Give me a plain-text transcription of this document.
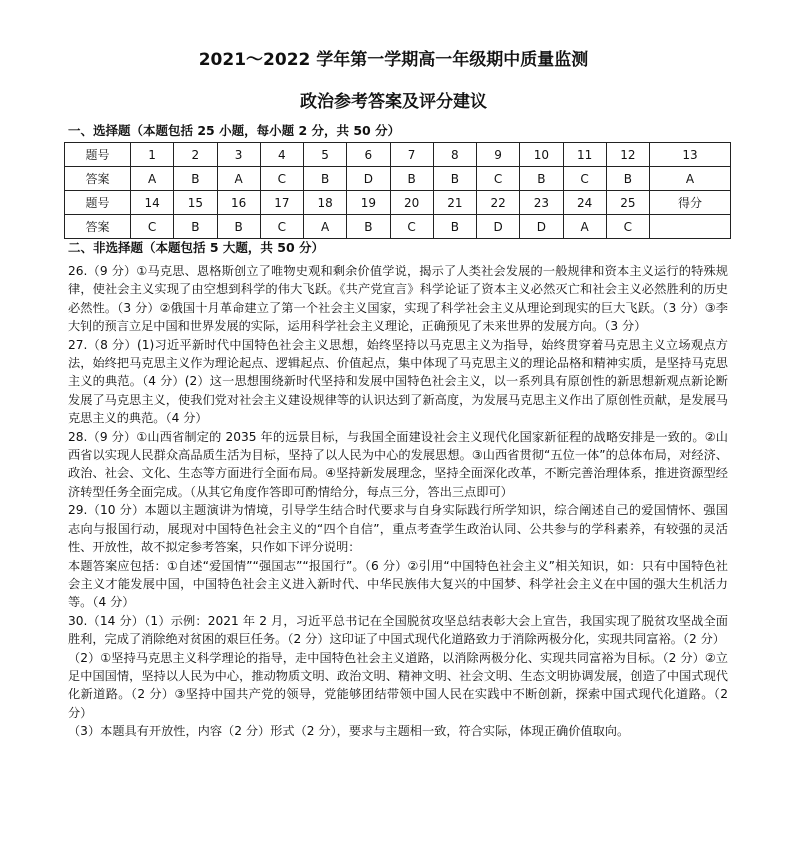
2021～2022 学年第一学期高一年级期中质量监测
政治参考答案及评分建议
一、选择题（本题包括 25 小题，每小题 2 分，共 50 分）
题号	1	2	3	4	5	6	7	8	9	10	11	12	13
答案	A	B	A	C	B	D	B	B	C	B	C	B	A
题号	14	15	16	17	18	19	20	21	22	23	24	25	得分
答案	C	B	B	C	A	B	C	B	D	D	A	C	
二、非选择题（本题包括 5 大题，共 50 分）

26.（9 分）①马克思、恩格斯创立了唯物史观和剩余价值学说，揭示了人类社会发展的一般规律和资本主义运行的特殊规律，使社会主义实现了由空想到科学的伟大飞跃。《共产党宣言》科学论证了资本主义必然灭亡和社会主义必然胜利的历史必然性。（3 分）②俄国十月革命建立了第一个社会主义国家，实现了科学社会主义从理论到现实的巨大飞跃。（3 分）③李大钊的预言立足中国和世界发展的实际，运用科学社会主义理论，正确预见了未来世界的发展方向。（3 分）

27.（8 分）(1)习近平新时代中国特色社会主义思想，始终坚持以马克思主义为指导，始终贯穿着马克思主义立场观点方法，始终把马克思主义作为理论起点、逻辑起点、价值起点，集中体现了马克思主义的理论品格和精神实质，是坚持马克思主义的典范。（4 分）(2）这一思想围绕新时代坚持和发展中国特色社会主义，以一系列具有原创性的新思想新观点新论断发展了马克思主义，使我们党对社会主义建设规律等的认识达到了新高度，为发展马克思主义作出了原创性贡献，是发展马克思主义的典范。（4 分）

28.（9 分）①山西省制定的 2035 年的远景目标，与我国全面建设社会主义现代化国家新征程的战略安排是一致的。②山西省以实现人民群众高品质生活为目标，坚持了以人民为中心的发展思想。③山西省贯彻“五位一体”的总体布局，对经济、政治、社会、文化、生态等方面进行全面布局。④坚持新发展理念，坚持全面深化改革，不断完善治理体系，推进资源型经济转型任务全面完成。（从其它角度作答即可酌情给分，每点三分，答出三点即可）

29.（10 分）本题以主题演讲为情境，引导学生结合时代要求与自身实际践行所学知识，综合阐述自己的爱国情怀、强国志向与报国行动，展现对中国特色社会主义的“四个自信”，重点考查学生政治认同、公共参与的学科素养，有较强的灵活性、开放性，故不拟定参考答案，只作如下评分说明：

本题答案应包括：①自述“爱国情”“强国志”“报国行”。（6 分）②引用“中国特色社会主义”相关知识，如：只有中国特色社会主义才能发展中国，中国特色社会主义进入新时代、中华民族伟大复兴的中国梦、科学社会主义在中国的强大生机活力等。（4 分）

30.（14 分）（1）示例：2021 年 2 月，习近平总书记在全国脱贫攻坚总结表彰大会上宣告，我国实现了脱贫攻坚战全面胜利，完成了消除绝对贫困的艰巨任务。（2 分）这印证了中国式现代化道路致力于消除两极分化，实现共同富裕。（2 分）

（2）①坚持马克思主义科学理论的指导，走中国特色社会主义道路，以消除两极分化、实现共同富裕为目标。（2 分）②立足中国国情，坚持以人民为中心，推动物质文明、政治文明、精神文明、社会文明、生态文明协调发展，创造了中国式现代化新道路。（2 分）③坚持中国共产党的领导，党能够团结带领中国人民在实践中不断创新，探索中国式现代化道路。（2 分）

（3）本题具有开放性，内容（2 分）形式（2 分），要求与主题相一致，符合实际，体现正确价值取向。
